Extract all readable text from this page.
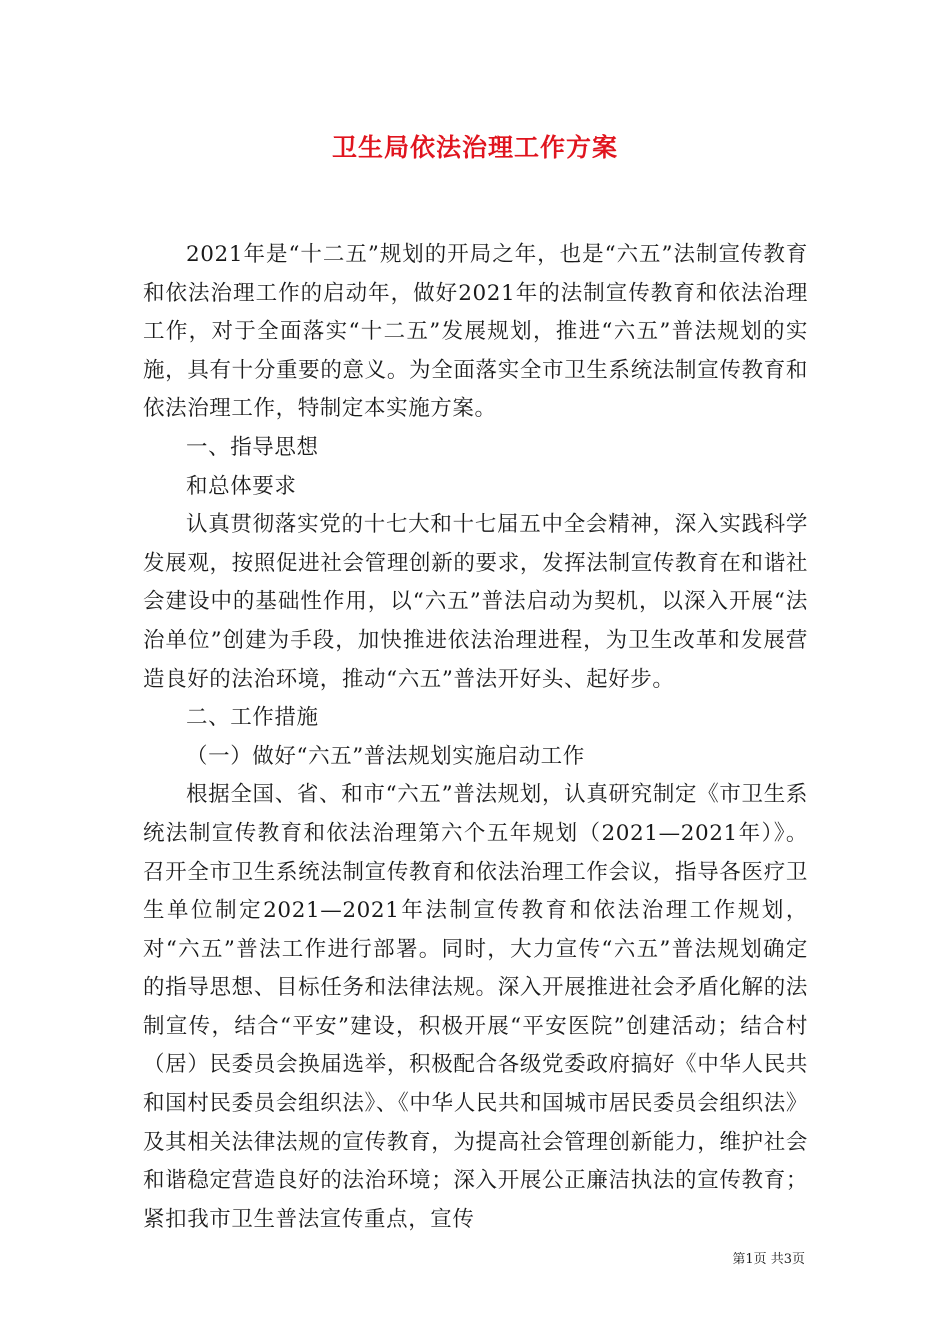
卫生局依法治理工作方案

2021年是“十二五”规划的开局之年，也是“六五”法制宣传教育和依法治理工作的启动年，做好2021年的法制宣传教育和依法治理工作，对于全面落实“十二五”发展规划，推进“六五”普法规划的实施，具有十分重要的意义。为全面落实全市卫生系统法制宣传教育和依法治理工作，特制定本实施方案。

一、指导思想

和总体要求

认真贯彻落实党的十七大和十七届五中全会精神，深入实践科学发展观，按照促进社会管理创新的要求，发挥法制宣传教育在和谐社会建设中的基础性作用，以“六五”普法启动为契机，以深入开展“法治单位”创建为手段，加快推进依法治理进程，为卫生改革和发展营造良好的法治环境，推动“六五”普法开好头、起好步。

二、工作措施

（一）做好“六五”普法规划实施启动工作

根据全国、省、和市“六五”普法规划，认真研究制定《市卫生系统法制宣传教育和依法治理第六个五年规划（2021—2021年）》。召开全市卫生系统法制宣传教育和依法治理工作会议，指导各医疗卫生单位制定2021—2021年法制宣传教育和依法治理工作规划，对“六五”普法工作进行部署。同时，大力宣传“六五”普法规划确定的指导思想、目标任务和法律法规。深入开展推进社会矛盾化解的法制宣传，结合“平安”建设，积极开展“平安医院”创建活动；结合村（居）民委员会换届选举，积极配合各级党委政府搞好《中华人民共和国村民委员会组织法》、《中华人民共和国城市居民委员会组织法》及其相关法律法规的宣传教育，为提高社会管理创新能力，维护社会和谐稳定营造良好的法治环境；深入开展公正廉洁执法的宣传教育；紧扣我市卫生普法宣传重点，宣传

第1页 共3页
